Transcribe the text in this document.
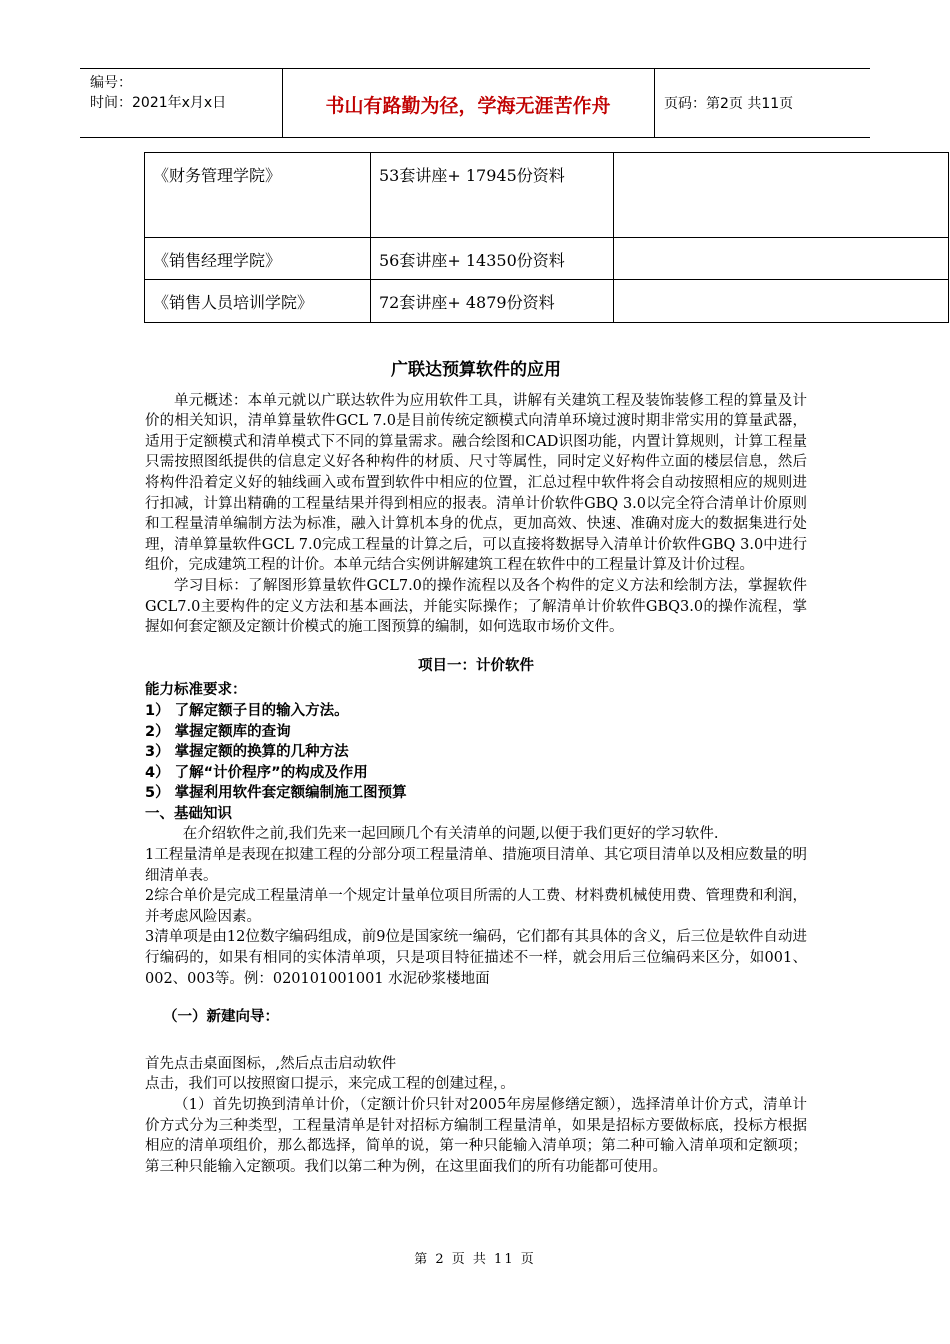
编号：
时间：2021年x月x日	书山有路勤为径，学海无涯苦作舟	页码：第2页 共11页
《财务管理学院》	53套讲座+ 17945份资料	
《销售经理学院》	56套讲座+ 14350份资料	
《销售人员培训学院》	72套讲座+ 4879份资料	
广联达预算软件的应用

单元概述：本单元就以广联达软件为应用软件工具，讲解有关建筑工程及装饰装修工程的算量及计价的相关知识，清单算量软件GCL 7.0是目前传统定额模式向清单环境过渡时期非常实用的算量武器，适用于定额模式和清单模式下不同的算量需求。融合绘图和CAD识图功能，内置计算规则，计算工程量只需按照图纸提供的信息定义好各种构件的材质、尺寸等属性，同时定义好构件立面的楼层信息，然后将构件沿着定义好的轴线画入或布置到软件中相应的位置，汇总过程中软件将会自动按照相应的规则进行扣减，计算出精确的工程量结果并得到相应的报表。清单计价软件GBQ 3.0以完全符合清单计价原则和工程量清单编制方法为标准，融入计算机本身的优点，更加高效、快速、准确对庞大的数据集进行处理，清单算量软件GCL 7.0完成工程量的计算之后，可以直接将数据导入清单计价软件GBQ 3.0中进行组价，完成建筑工程的计价。本单元结合实例讲解建筑工程在软件中的工程量计算及计价过程。

学习目标：了解图形算量软件GCL7.0的操作流程以及各个构件的定义方法和绘制方法，掌握软件GCL7.0主要构件的定义方法和基本画法，并能实际操作；了解清单计价软件GBQ3.0的操作流程，掌握如何套定额及定额计价模式的施工图预算的编制，如何选取市场价文件。

项目一：计价软件

能力标准要求：

1） 了解定额子目的输入方法。

2） 掌握定额库的查询

3） 掌握定额的换算的几种方法

4） 了解“计价程序”的构成及作用

5） 掌握利用软件套定额编制施工图预算

一、基础知识

在介绍软件之前,我们先来一起回顾几个有关清单的问题,以便于我们更好的学习软件.

1工程量清单是表现在拟建工程的分部分项工程量清单、措施项目清单、其它项目清单以及相应数量的明细清单表。

2综合单价是完成工程量清单一个规定计量单位项目所需的人工费、材料费机械使用费、管理费和利润，并考虑风险因素。

3清单项是由12位数字编码组成，前9位是国家统一编码，它们都有其具体的含义，后三位是软件自动进行编码的，如果有相同的实体清单项，只是项目特征描述不一样，就会用后三位编码来区分，如001、002、003等。例：020101001001 水泥砂浆楼地面

（一）新建向导：

首先点击桌面图标，,然后点击启动软件

点击，我们可以按照窗口提示，来完成工程的创建过程，。

（1）首先切换到清单计价，（定额计价只针对2005年房屋修缮定额），选择清单计价方式，清单计价方式分为三种类型，工程量清单是针对招标方编制工程量清单，如果是招标方要做标底，投标方根据相应的清单项组价，那么都选择，简单的说，第一种只能输入清单项；第二种可输入清单项和定额项；第三种只能输入定额项。我们以第二种为例，在这里面我们的所有功能都可使用。

第 2 页 共 11 页
